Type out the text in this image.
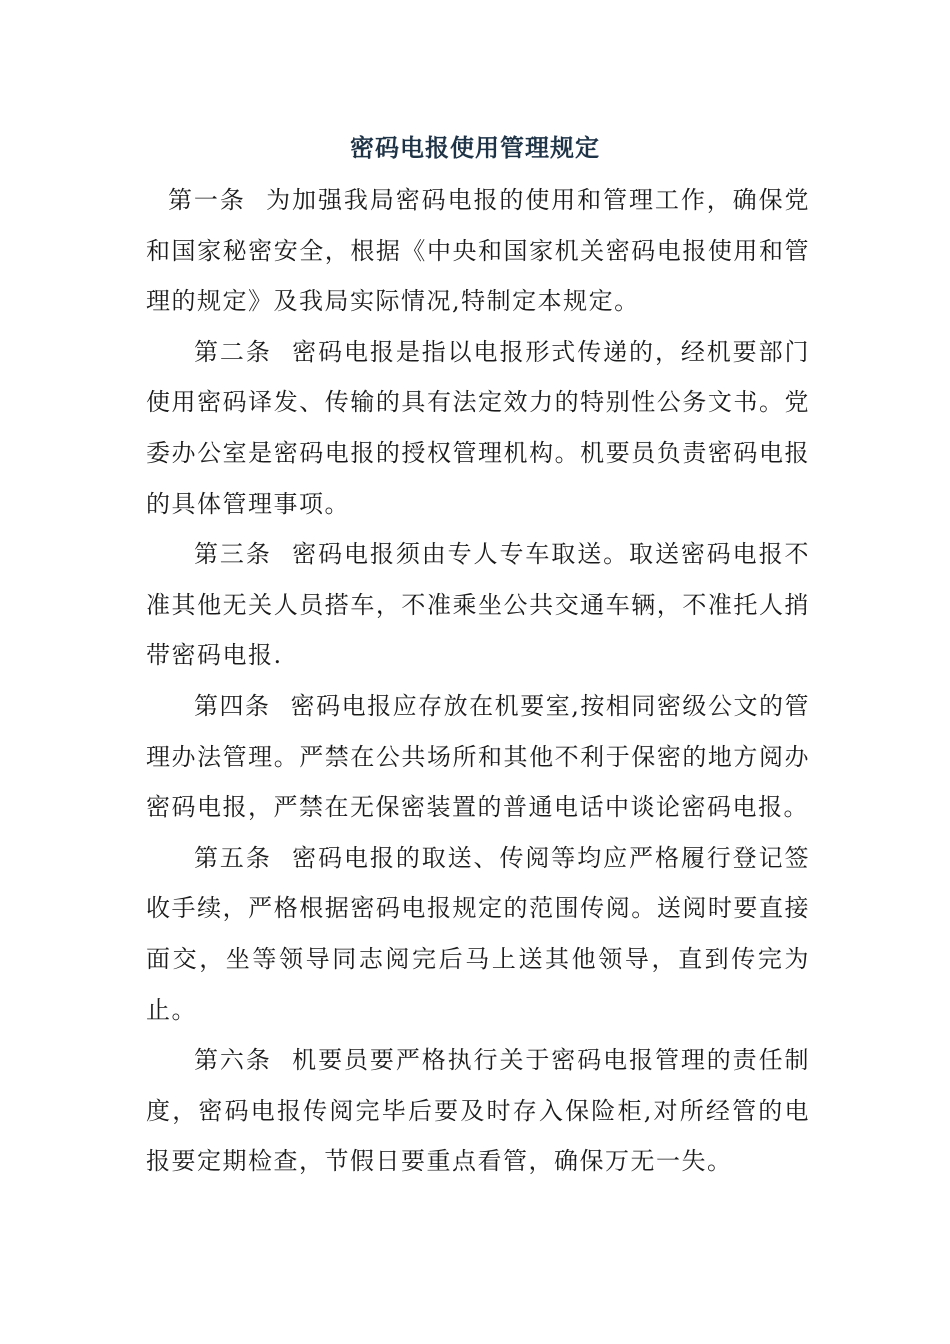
密码电报使用管理规定

第一条 为加强我局密码电报的使用和管理工作，确保党和国家秘密安全，根据《中央和国家机关密码电报使用和管理的规定》及我局实际情况,特制定本规定。

第二条 密码电报是指以电报形式传递的，经机要部门使用密码译发、传输的具有法定效力的特别性公务文书。党委办公室是密码电报的授权管理机构。机要员负责密码电报的具体管理事项。

第三条 密码电报须由专人专车取送。取送密码电报不准其他无关人员搭车，不准乘坐公共交通车辆，不准托人捎带密码电报.

第四条 密码电报应存放在机要室,按相同密级公文的管理办法管理。严禁在公共场所和其他不利于保密的地方阅办密码电报，严禁在无保密装置的普通电话中谈论密码电报。

第五条 密码电报的取送、传阅等均应严格履行登记签收手续，严格根据密码电报规定的范围传阅。送阅时要直接面交，坐等领导同志阅完后马上送其他领导，直到传完为止。

第六条 机要员要严格执行关于密码电报管理的责任制度，密码电报传阅完毕后要及时存入保险柜,对所经管的电报要定期检查，节假日要重点看管，确保万无一失。
